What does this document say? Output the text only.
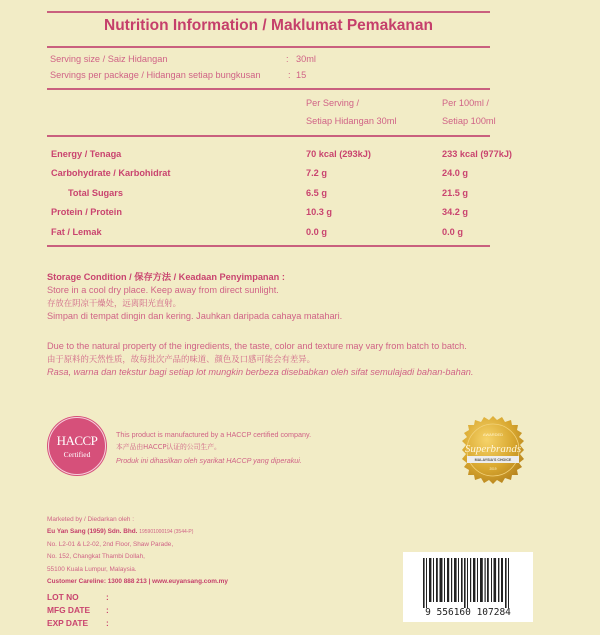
Nutrition Information / Maklumat Pemakanan
Serving size / Saiz Hidangan	: 30ml
Servings per package / Hidangan setiap bungkusan	: 15
Per Serving /
Setiap Hidangan 30ml
Per 100ml /
Setiap 100ml
Energy / Tenaga	70 kcal (293kJ)	233 kcal (977kJ)
Carbohydrate / Karbohidrat	7.2 g	24.0 g
Total Sugars	6.5 g	21.5 g
Protein / Protein	10.3 g	34.2 g
Fat / Lemak	0.0 g	0.0 g
Storage Condition / 保存方法 / Keadaan Penyimpanan :
Store in a cool dry place. Keep away from direct sunlight.
存放在阴凉干燥处，远离阳光直射。
Simpan di tempat dingin dan kering. Jauhkan daripada cahaya matahari.
Due to the natural property of the ingredients, the taste, color and texture may vary from batch to batch.
由于原料的天然性质，故每批次产品的味道、颜色及口感可能会有差异。
Rasa, warna dan tekstur bagi setiap lot mungkin berbeza disebabkan oleh sifat semulajadi bahan-bahan.
HACCP
Certified
This product is manufactured by a HACCP certified company.
本产品由HACCP认证的公司生产。
Produk ini dihasilkan oleh syarikat HACCP yang diperakui.
AWARDED
Superbrands
MALAYSIA'S CHOICE
2019
Marketed by / Diedarkan oleh :
Eu Yan Sang (1959) Sdn. Bhd. 195901000194 (3544-P)
No. L2-01 & L2-02, 2nd Floor, Shaw Parade,
No. 152, Changkat Thambi Dollah,
55100 Kuala Lumpur, Malaysia.
Customer Careline: 1300 888 213 | www.euyansang.com.my
LOT NO	:
MFG DATE :
EXP DATE :
9 556160 107284
